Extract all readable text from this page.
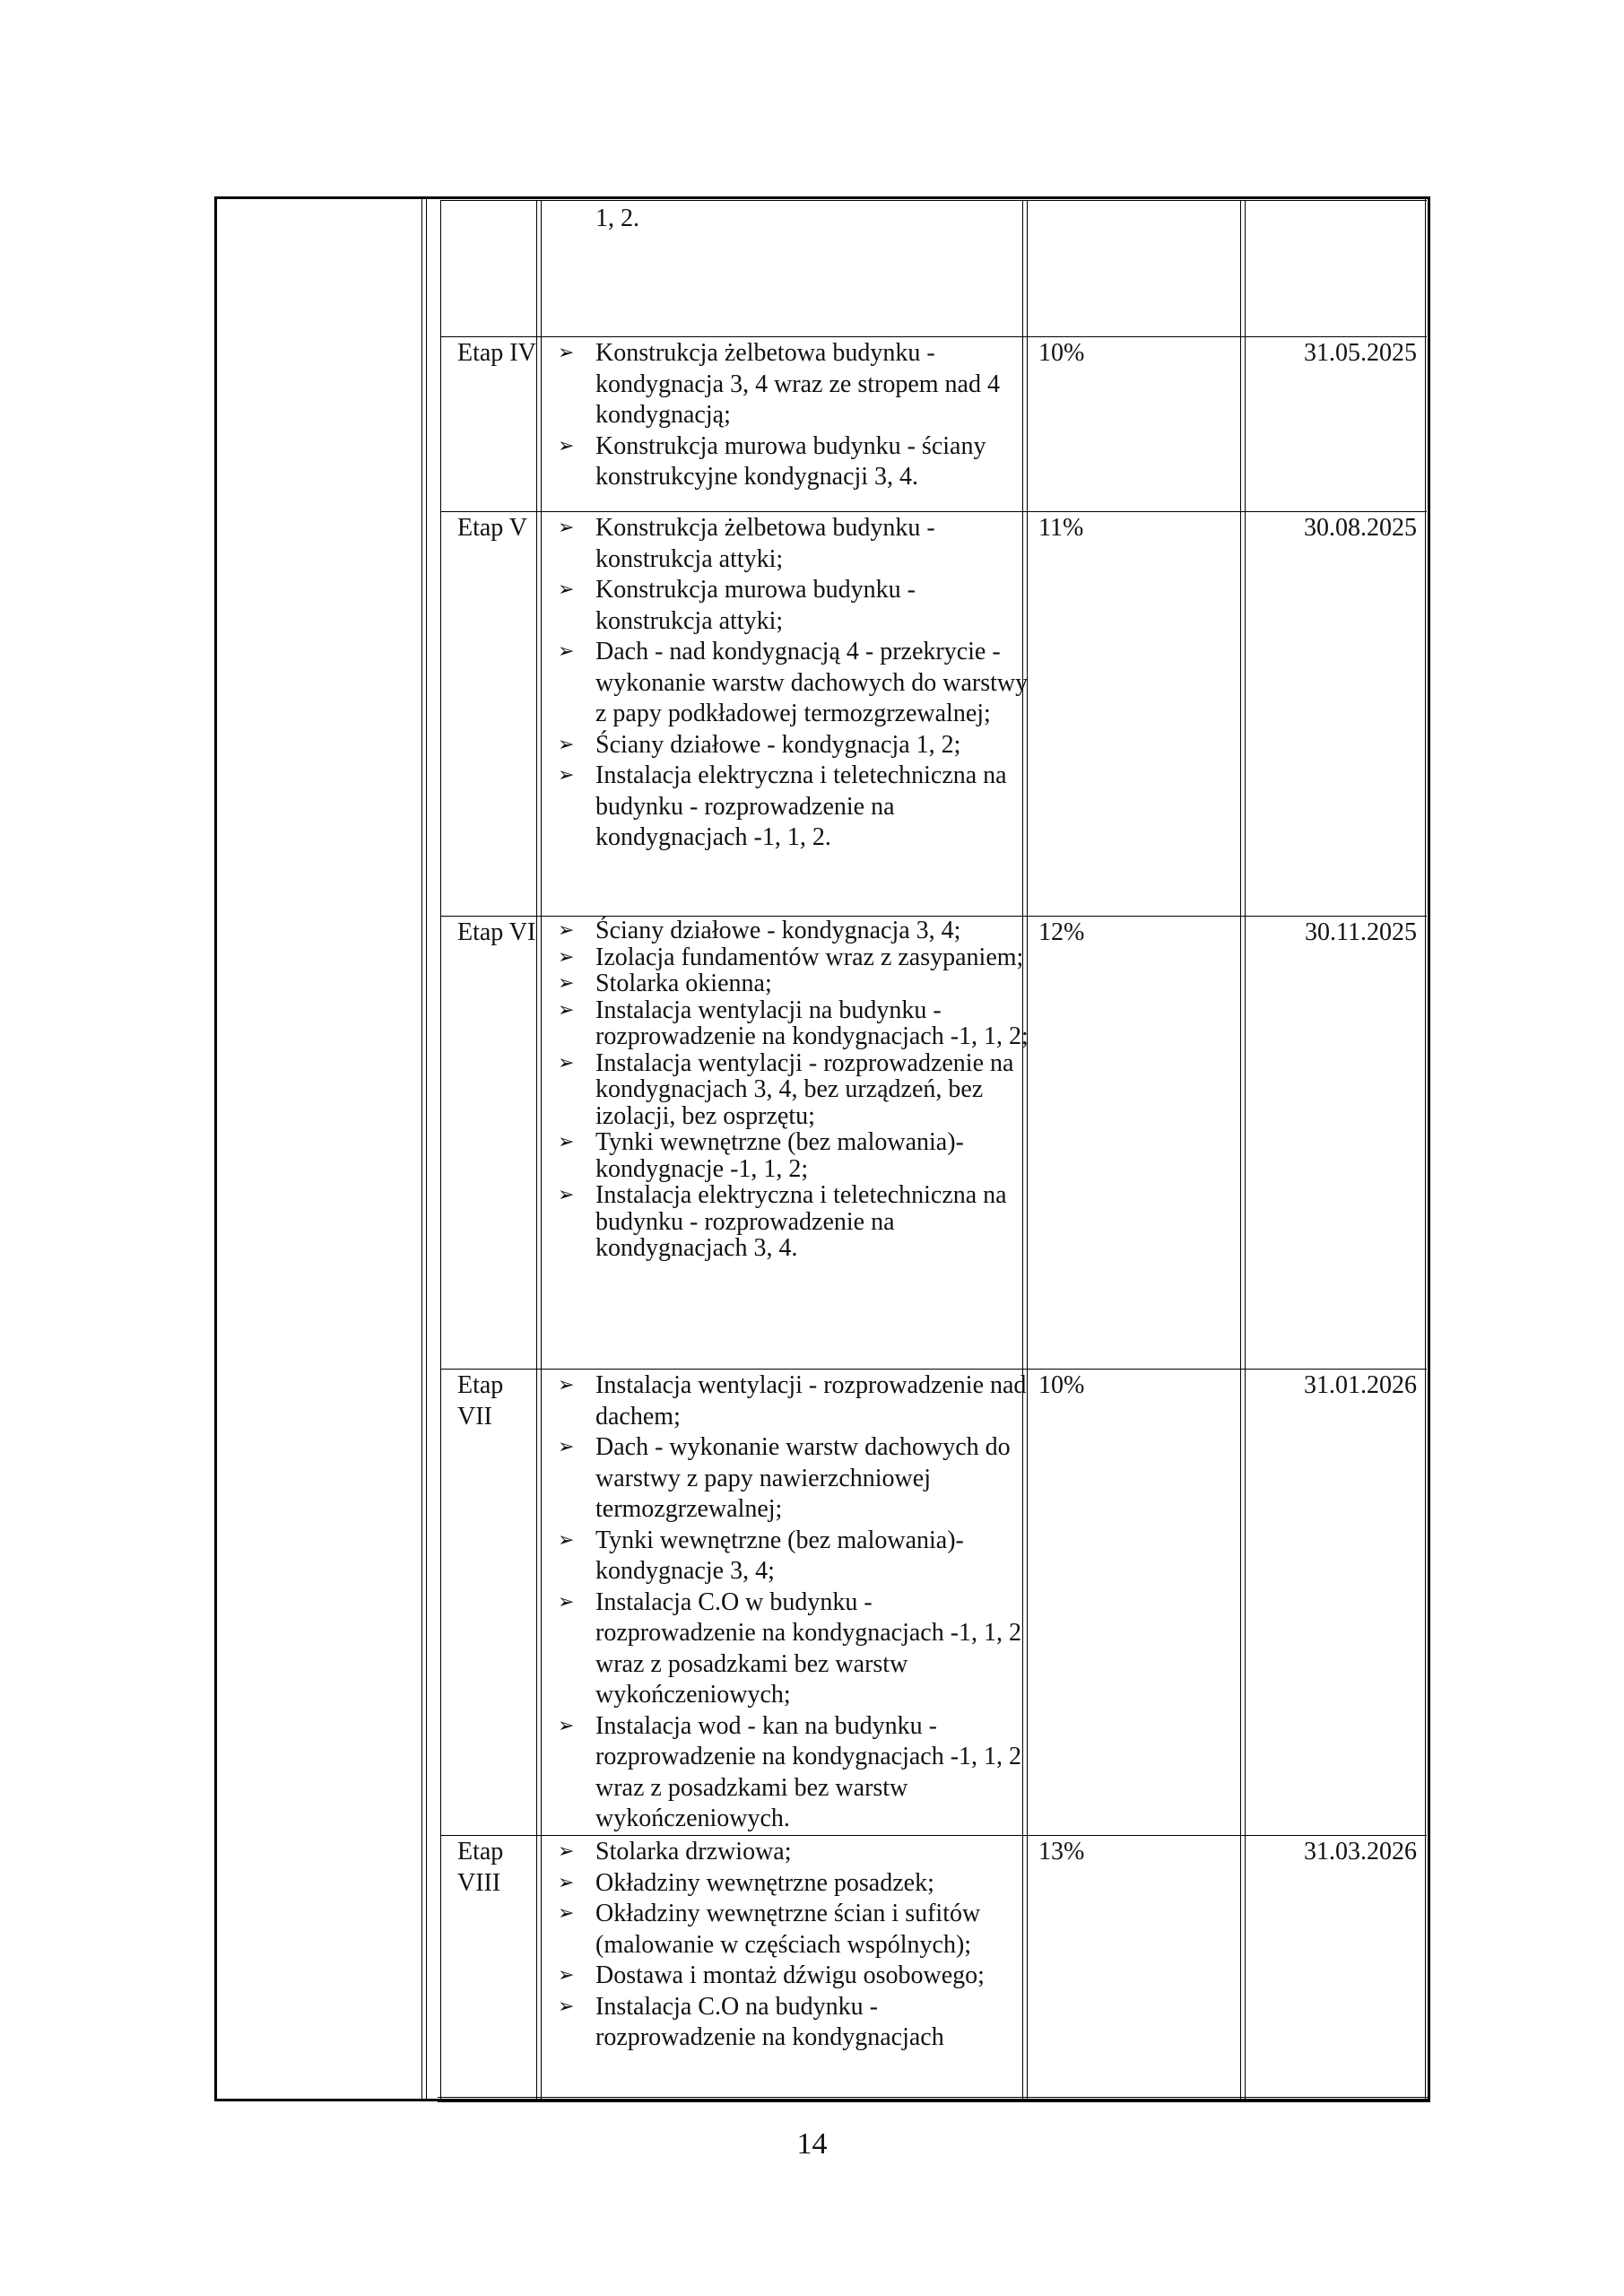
1, 2.
Etap IV ➢ Konstrukcja żelbetowa budynku - kondygnacja 3, 4 wraz ze stropem nad 4 kondygnacją;
➢ Konstrukcja murowa budynku - ściany konstrukcyjne kondygnacji 3, 4.
10%	31.05.2025
Etap V	➢ Konstrukcja żelbetowa budynku - konstrukcja attyki;
➢ Konstrukcja murowa budynku - konstrukcja attyki;
➢ Dach - nad kondygnacją 4 - przekrycie - wykonanie warstw dachowych do warstwy z papy podkładowej termozgrzewalnej;
➢ Ściany działowe - kondygnacja 1, 2;
➢ Instalacja elektryczna i teletechniczna na budynku - rozprowadzenie na kondygnacjach -1, 1, 2.
11%	30.08.2025
Etap VI ➢ Ściany działowe - kondygnacja 3, 4;
➢ Izolacja fundamentów wraz z zasypaniem;
➢ Stolarka okienna;
➢ Instalacja wentylacji na budynku - rozprowadzenie na kondygnacjach -1, 1, 2;
➢ Instalacja wentylacji - rozprowadzenie na kondygnacjach 3, 4, bez urządzeń, bez izolacji, bez osprzętu;
➢ Tynki wewnętrzne (bez malowania)- kondygnacje -1, 1, 2;
➢ Instalacja elektryczna i teletechniczna na budynku - rozprowadzenie na kondygnacjach 3, 4.
12%	30.11.2025
Etap VII
➢ Instalacja wentylacji - rozprowadzenie nad dachem;
➢ Dach - wykonanie warstw dachowych do warstwy z papy nawierzchniowej termozgrzewalnej;
➢ Tynki wewnętrzne (bez malowania)- kondygnacje 3, 4;
➢ Instalacja C.O w budynku - rozprowadzenie na kondygnacjach -1, 1, 2 wraz z posadzkami bez warstw wykończeniowych;
➢ Instalacja wod - kan na budynku - rozprowadzenie na kondygnacjach -1, 1, 2 wraz z posadzkami bez warstw wykończeniowych.
10%	31.01.2026
Etap VIII
➢ Stolarka drzwiowa;
➢ Okładziny wewnętrzne posadzek;
➢ Okładziny wewnętrzne ścian i sufitów (malowanie w częściach wspólnych);
➢ Dostawa i montaż dźwigu osobowego;
➢ Instalacja C.O na budynku - rozprowadzenie na kondygnacjach
13%	31.03.2026
14
